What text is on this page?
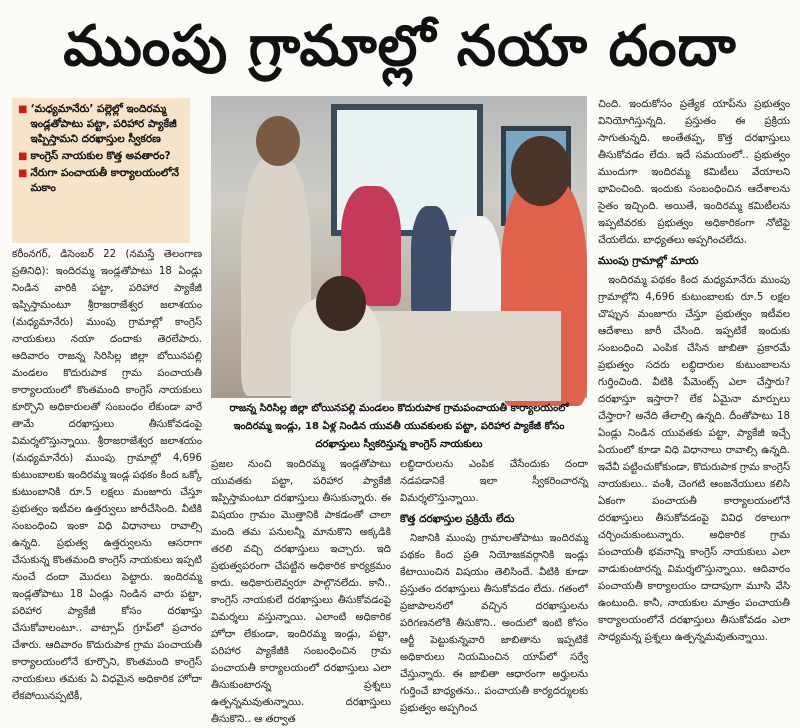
ముంపు గ్రామాల్లో నయా దందా
■ ‘మధ్యమానేరు’ పల్లెల్లో ఇందిరమ్మ ఇండ్లతోపాటు పట్టా, పరిహార ప్యాకేజీ ఇప్పిస్తామని దరఖాస్తుల స్వీకరణ
■ కాంగ్రెస్‌ నాయకుల కొత్త అవతారం?
■ నేరుగా పంచాయతీ కార్యాలయంలోనే మకాం

కరీంనగర్‌, డిసెంబర్‌ 22 (నమస్తే తెలంగాణ ప్రతినిధి): ఇందిరమ్మ ఇండ్లతోపాటు 18 ఏండ్లు నిండిన వారికి పట్టా, పరిహార ప్యాకేజీ ఇప్పిస్తామంటూ శ్రీరాజరాజేశ్వర జలాశయం (మధ్యమానేరు) ముంపు గ్రామాల్లో కాంగ్రెస్‌ నాయకులు నయా దందాకు తెరలేపారు. ఆదివారం రాజన్న సిరిసిల్ల జిల్లా బోయినపల్లి మండలం కొదురుపాక గ్రామ పంచాయతీ కార్యాలయంలో కొంతమంది కాంగ్రెస్‌ నాయకులు కూర్చొని అధికారులతో సంబంధం లేకుండా వారే తామే దరఖాస్తులు తీసుకోవడంపై విమర్శలొస్తున్నాయి. శ్రీరాజరాజేశ్వర జలాశయం (మధ్యమానేరు) ముంపు గ్రామాల్లో 4,696 కుటుంబాలకు ఇందిరమ్మ ఇండ్ల పథకం కింద ఒక్కో కుటుంబానికి రూ.5 లక్షలు మంజూరు చేస్తూ ప్రభుత్వం ఇటీవల ఉత్తర్వులు జారీచేసింది. వీటికి సంబంధించి ఇంకా విధి విధానాలు రావాల్సి ఉన్నది. ప్రభుత్వ ఉత్తర్వులను ఆసరాగా చేసుకున్న కొంతమంది కాంగ్రెస్‌ నాయకులు ఇప్పటి నుంచే దందా మొదలు పెట్టారు. ఇందిరమ్మ ఇండ్లతోపాటు 18 ఏండ్లు నిండిన వారు పట్టా, పరిహార ప్యాకేజీ కోసం దరఖాస్తు చేసుకోవాలంటూ.. వాట్సాప్‌ గ్రూప్‌లో ప్రచారం చేశారు. ఆదివారం కొదురుపాక గ్రామ పంచాయతీ కార్యాలయంలోనే కూర్చొని, కొంతమంది కాంగ్రెస్‌ నాయకులు తమకు ఏ విధమైన అధికారిక హోదా లేకపోయినప్పటికీ,

రాజన్న సిరిసిల్ల జిల్లా బోయినపల్లి మండలం కొదురుపాక గ్రామపంచాయతీ కార్యాలయంలో ఇందిరమ్మ ఇండ్లు, 18 ఏళ్ల నిండిన యువతీ యువకులకు పట్టా, పరిహార ప్యాకేజీ కోసం దరఖాస్తులు స్వీకరిస్తున్న కాంగ్రెస్‌ నాయకులు

ప్రజల నుంచి ఇందిరమ్మ ఇండ్లతోపాటు యువతకు పట్టా, పరిహార ప్యాకేజీ ఇప్పిస్తామంటూ దరఖాస్తులు తీసుకున్నారు. ఈ విషయం గ్రామం మొత్తానికి పాకడంతో చాలా మంది తమ పనులన్నీ మానుకొని అక్కడికి తరలి వచ్చి దరఖాస్తులు ఇచ్చారు. ఇది ప్రభుత్వపరంగా చేపట్టిన అధికారిక కార్యక్రమం కాదు. అధికారులెవ్వరూ పాల్గొనలేదు. కానీ.. కాంగ్రెస్‌ నాయకులే దరఖాస్తులు తీసుకోవడంపై విమర్శలు వస్తున్నాయి. ఎలాంటి అధికారిక హోదా లేకుండా, ఇందిరమ్మ ఇండ్లు, పట్టా, పరిహార ప్యాకేజీకి సంబంధించిన గ్రామ పంచాయతీ కార్యాలయంలో దరఖాస్తులు ఎలా తీసుకుంటారన్న ప్రశ్నలు ఉత్పన్నమవుతున్నాయి. దరఖాస్తులు తీసుకొని.. ఆ తర్వాత

లబ్ధిదారులను ఎంపిక చేసేందుకు దందా నడపడానికే ఇలా స్వీకరించారన్న విమర్శలొస్తున్నాయి.

కొత్త దరఖాస్తుల ప్రక్రియే లేదు

నిజానికి ముంపు గ్రామాలతోపాటు ఇందిరమ్మ పథకం కింద ప్రతి నియోజకవర్గానికి ఇండ్లు కేటాయించిన విషయం తెలిసిందే. వీటికి కూడా ప్రస్తుతం దరఖాస్తులు తీసుకోవడం లేదు. గతంలో ప్రజాపాలనలో వచ్చిన దరఖాస్తులను పరిగణనలోకి తీసుకొని.. అందులో ఇంటి కోసం ఆర్జీ పెట్టుకున్నవారి జాబితాను ఇప్పటికే అధికారులు నియమించిన యాప్‌లో సర్వే చేస్తున్నారు. ఈ జాబితా ఆధారంగా అర్హులను గుర్తించే బాధ్యతను.. పంచాయతీ కార్యదర్శులకు ప్రభుత్వం అప్పగించ

చింది. ఇందుకోసం ప్రత్యేక యాప్‌ను ప్రభుత్వం వినియోగిస్తున్నది. ప్రస్తుతం ఈ ప్రక్రియ సాగుతున్నది. అంతేతప్ప, కొత్త దరఖాస్తులు తీసుకోవడం లేదు. ఇదే సమయంలో.. ప్రభుత్వం ముందుగా ఇందిరమ్మ కమిటీలు వేయాలని భావించింది. ఇందుకు సంబంధించిన ఆదేశాలను సైతం ఇచ్చింది. అయితే, ఇందిరమ్మ కమిటీలను ఇప్పటివరకు ప్రభుత్వం అధికారికంగా నోటిఫై చేయలేదు. బాధ్యతలు అప్పగించలేదు.

ముంపు గ్రామాల్లో మాయ

ఇందిరమ్మ పథకం కింద మధ్యమానేరు ముంపు గ్రామాల్లోని 4,696 కుటుంబాలకు రూ.5 లక్షల చొప్పున మంజూరు చేస్తూ ప్రభుత్వం ఇటీవల ఆదేశాలు జారీ చేసింది. ఇప్పటికే ఇందుకు సంబంధించి ఎంపిక చేసిన జాబితా ప్రకారమే ప్రభుత్వం సదరు లబ్ధిదారుల కుటుంబాలను గుర్తించింది. వీటికి పేమెంట్స్‌ ఎలా చేస్తారు? దరఖాస్తూ ఇస్తారా? లేక ఏమైనా మార్పులు చేస్తారా? అనేది తేలాల్సి ఉన్నది. దీంతోపాటు 18 ఏండ్లు నిండిన యువతకు పట్టా, ప్యాకేజీ ఇచ్చే ఏయంలో కూడా విధి విధానాలు రావాల్సి ఉన్నది. ఇవేవీ పట్టించుకోకుండా, కొదురుపాక గ్రామ కాంగ్రెస్‌ నాయకులు.. వంశీ, చెంగటి ఆంజనేయులు కలిసి ఏకంగా పంచాయతీ కార్యాలయంలోనే దరఖాస్తులు తీసుకోవడంపై వివిధ రకాలుగా చర్చించుకుంటున్నారు. అధికారిక గ్రామ పంచాయతీ భవనాన్ని కాంగ్రెస్‌ నాయకులు ఎలా వాడుకుంటారన్న విమర్శలొస్తున్నాయి. ఆదివారం పంచాయతీ కార్యాలయం దాదాపుగా మూసి వేసి ఉంటుంది. కానీ, నాయకుల మాత్రం పంచాయతీ కార్యాలయంలోనే దరఖాస్తులు తీసుకోవడం ఎలా సాధ్యమన్న ప్రశ్నలు ఉత్పన్నమవుతున్నాయి.
